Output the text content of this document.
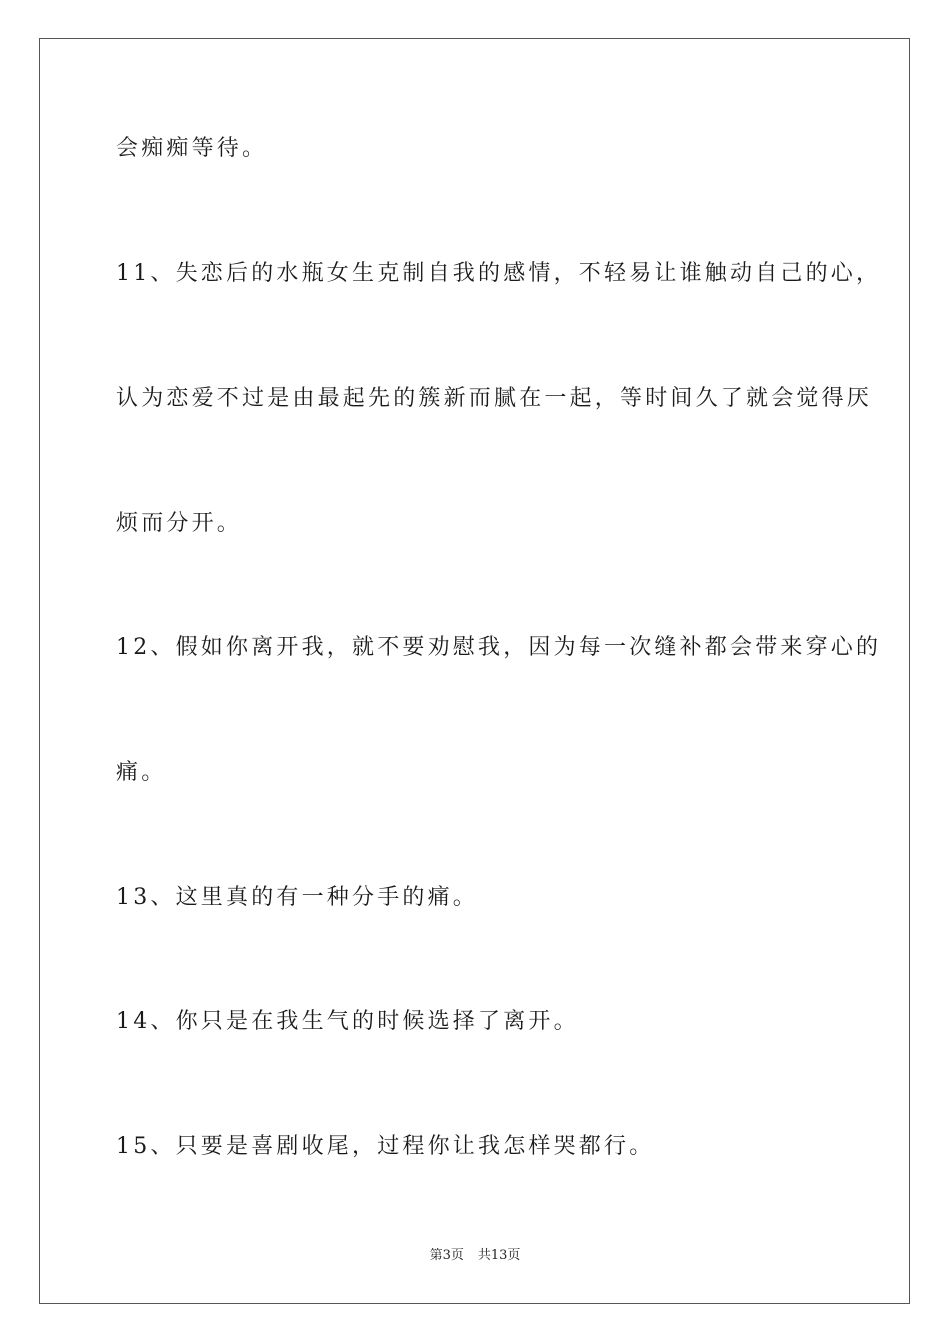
会痴痴等待。
11、失恋后的水瓶女生克制自我的感情，不轻易让谁触动自己的心，
认为恋爱不过是由最起先的簇新而腻在一起，等时间久了就会觉得厌
烦而分开。
12、假如你离开我，就不要劝慰我，因为每一次缝补都会带来穿心的
痛。
13、这里真的有一种分手的痛。
14、你只是在我生气的时候选择了离开。
15、只要是喜剧收尾，过程你让我怎样哭都行。
第3页 共13页
